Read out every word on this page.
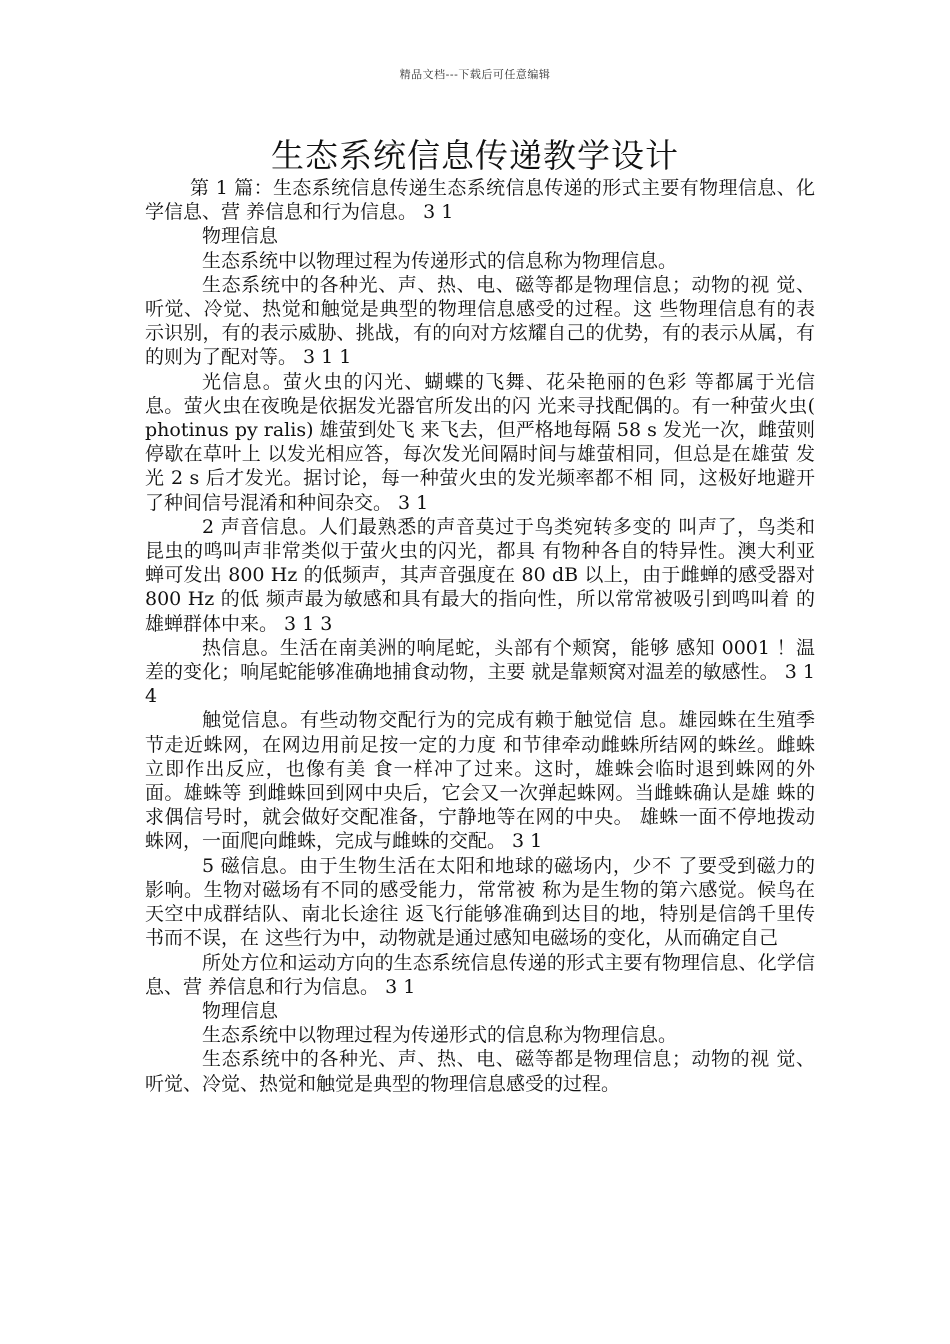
精品文档---下载后可任意编辑
生态系统信息传递教学设计

第 1 篇：生态系统信息传递生态系统信息传递的形式主要有物理信息、化学信息、营 养信息和行为信息。 3 1

物理信息

生态系统中以物理过程为传递形式的信息称为物理信息。

生态系统中的各种光、声、热、电、磁等都是物理信息；动物的视 觉、听觉、冷觉、热觉和触觉是典型的物理信息感受的过程。这 些物理信息有的表示识别，有的表示威胁、挑战，有的向对方炫耀自己的优势，有的表示从属，有的则为了配对等。 3 1 1

光信息。萤火虫的闪光、蝴蝶的飞舞、花朵艳丽的色彩 等都属于光信息。萤火虫在夜晚是依据发光器官所发出的闪 光来寻找配偶的。有一种萤火虫( photinus py ralis) 雄萤到处飞 来飞去，但严格地每隔 58 s 发光一次，雌萤则停歇在草叶上 以发光相应答，每次发光间隔时间与雄萤相同，但总是在雄萤 发光 2 s 后才发光。据讨论，每一种萤火虫的发光频率都不相 同，这极好地避开了种间信号混淆和种间杂交。 3 1

2 声音信息。人们最熟悉的声音莫过于鸟类宛转多变的 叫声了，鸟类和昆虫的鸣叫声非常类似于萤火虫的闪光，都具 有物种各自的特异性。澳大利亚蝉可发出 800 Hz 的低频声，其声音强度在 80 dB 以上，由于雌蝉的感受器对 800 Hz 的低 频声最为敏感和具有最大的指向性，所以常常被吸引到鸣叫着 的雄蝉群体中来。 3 1 3

热信息。生活在南美洲的响尾蛇，头部有个颊窝，能够 感知 0001 ！温差的变化；响尾蛇能够准确地捕食动物，主要 就是靠颊窝对温差的敏感性。 3 1 4

触觉信息。有些动物交配行为的完成有赖于触觉信 息。雄园蛛在生殖季节走近蛛网，在网边用前足按一定的力度 和节律牵动雌蛛所结网的蛛丝。雌蛛立即作出反应，也像有美 食一样冲了过来。这时，雄蛛会临时退到蛛网的外面。雄蛛等 到雌蛛回到网中央后，它会又一次弹起蛛网。当雌蛛确认是雄 蛛的求偶信号时，就会做好交配准备，宁静地等在网的中央。 雄蛛一面不停地拨动蛛网，一面爬向雌蛛，完成与雌蛛的交配。 3 1

5 磁信息。由于生物生活在太阳和地球的磁场内，少不 了要受到磁力的影响。生物对磁场有不同的感受能力，常常被 称为是生物的第六感觉。候鸟在天空中成群结队、南北长途往 返飞行能够准确到达目的地，特别是信鸽千里传书而不误，在 这些行为中，动物就是通过感知电磁场的变化，从而确定自己

所处方位和运动方向的生态系统信息传递的形式主要有物理信息、化学信息、营 养信息和行为信息。 3 1

物理信息

生态系统中以物理过程为传递形式的信息称为物理信息。

生态系统中的各种光、声、热、电、磁等都是物理信息；动物的视 觉、听觉、冷觉、热觉和触觉是典型的物理信息感受的过程。
